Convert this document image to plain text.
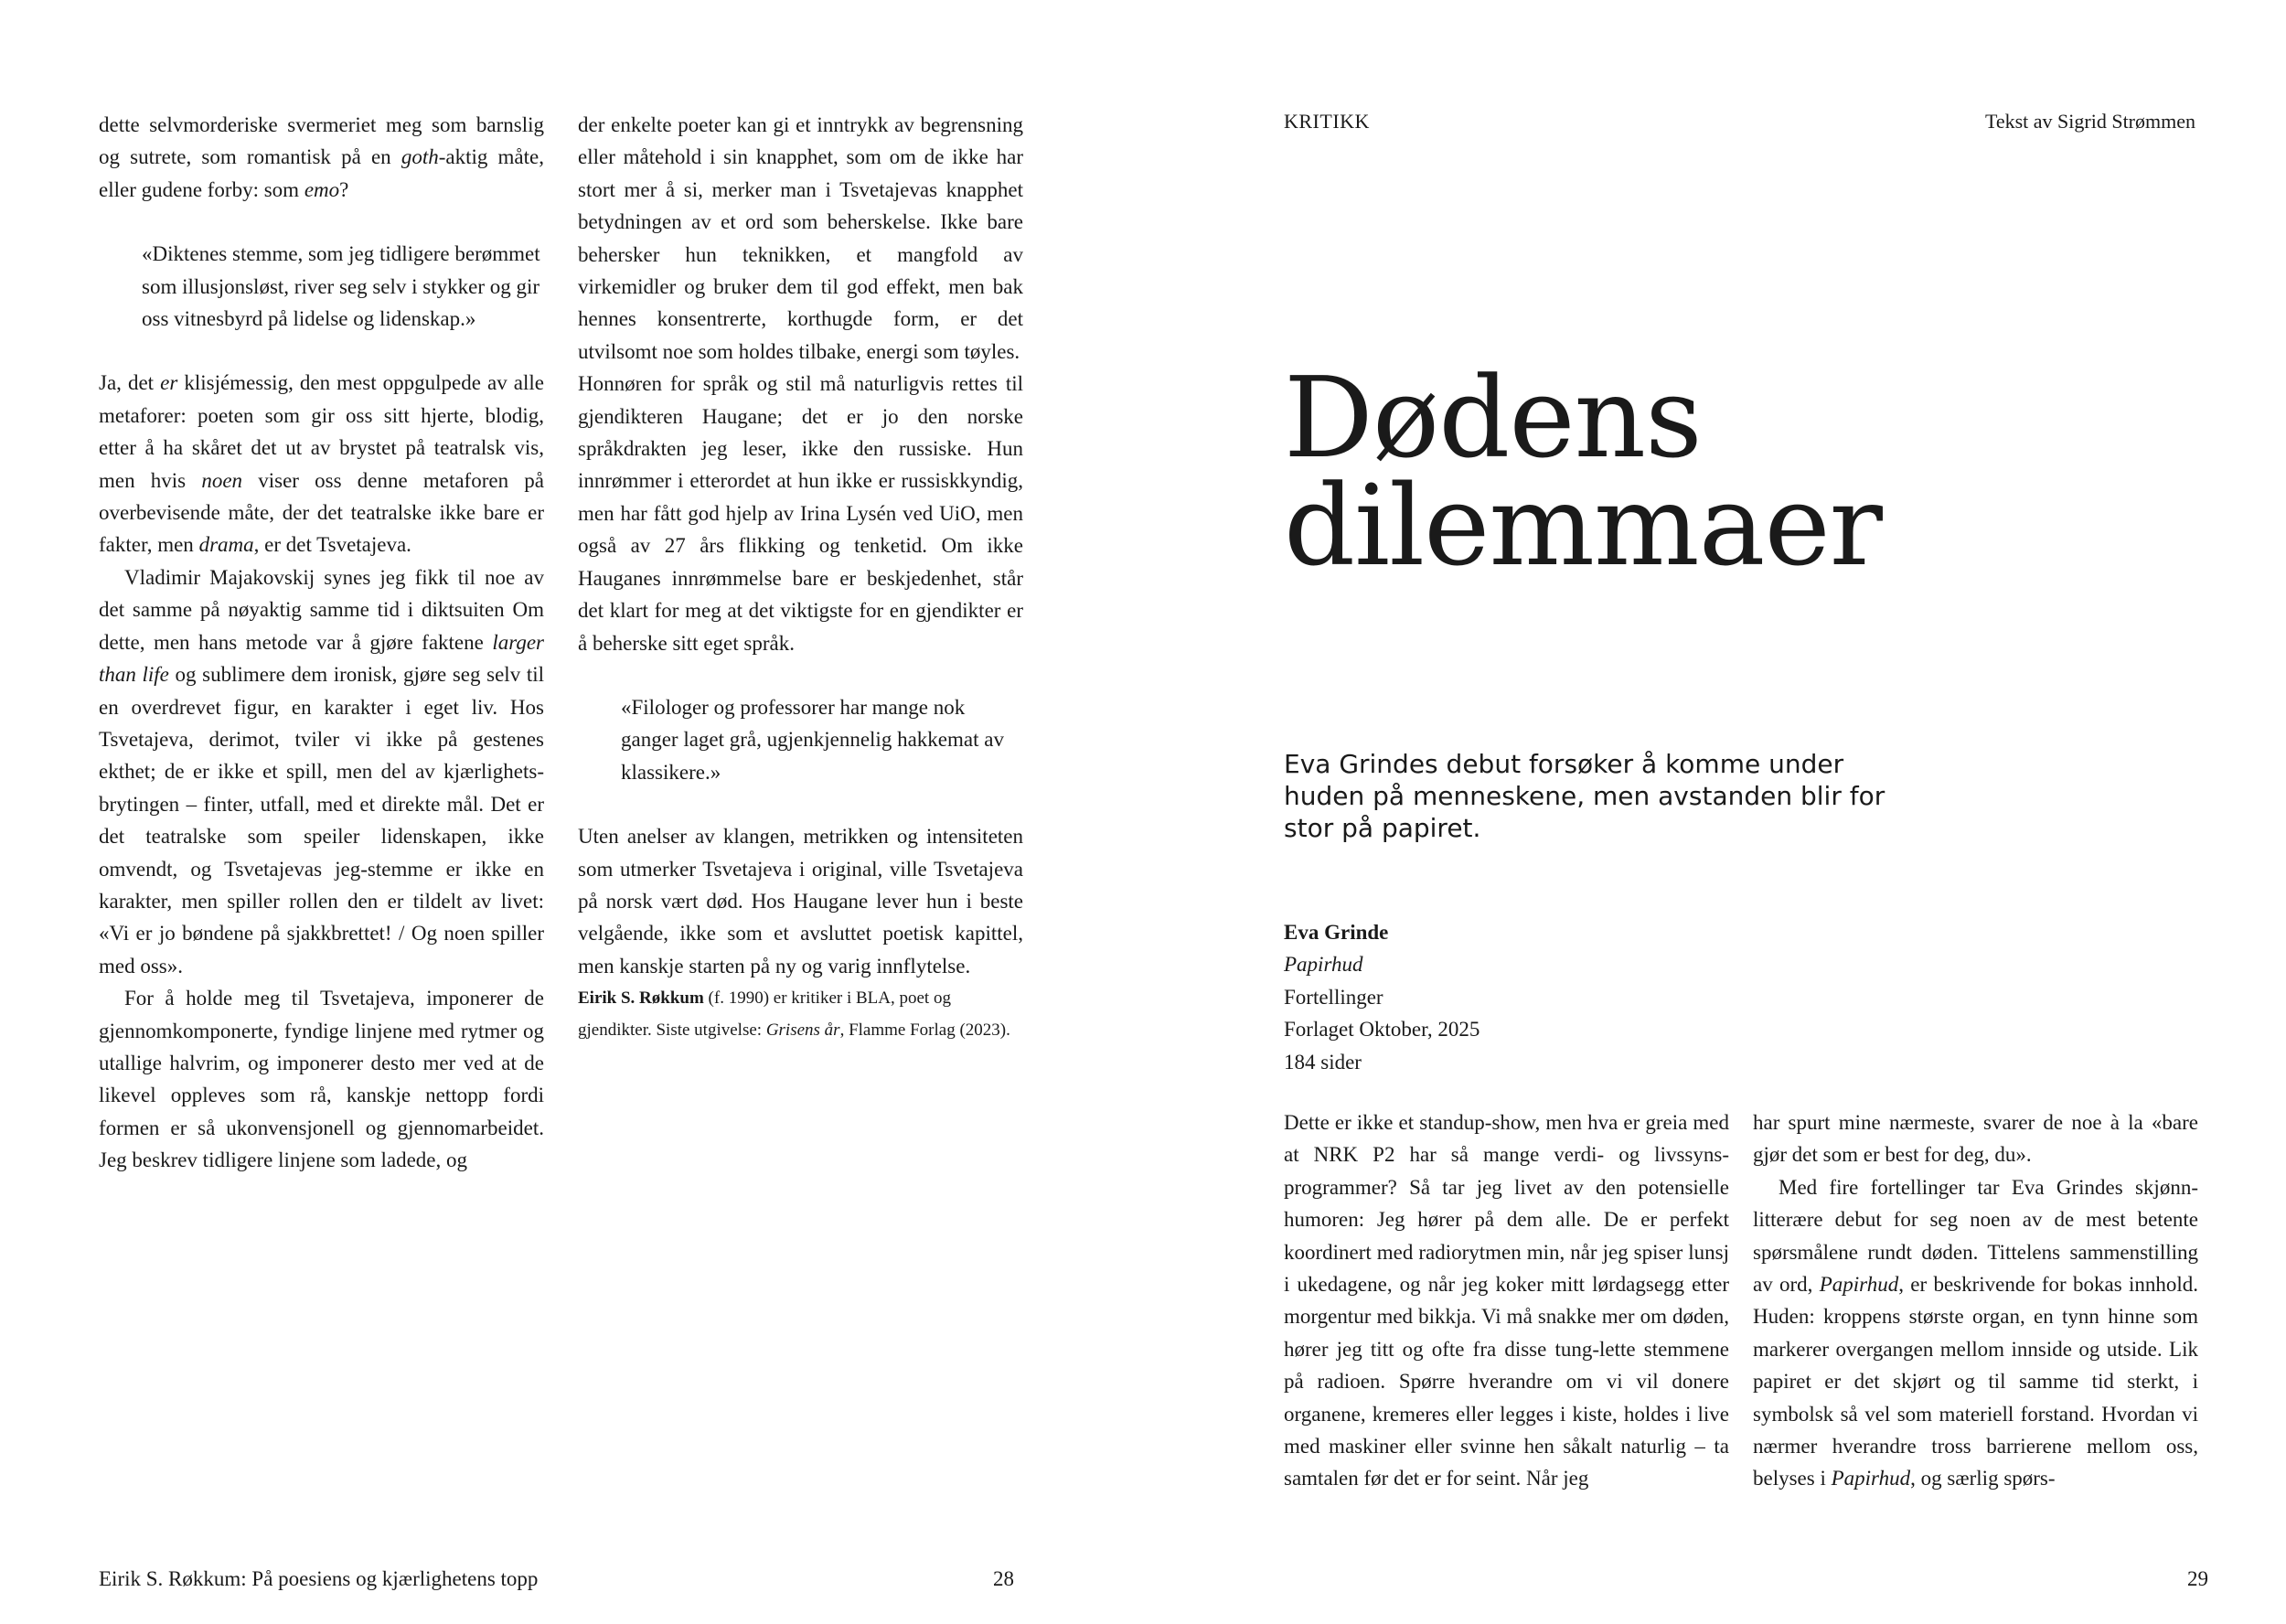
dette selvmorderiske svermeriet meg som barnslig og sutrete, som romantisk på en goth-aktig måte, eller gudene forby: som emo?

«Diktenes stemme, som jeg tidligere berømmet som illusjonsløst, river seg selv i stykker og gir oss vitnesbyrd på lidelse og lidenskap.»

Ja, det er klisjémessig, den mest oppgulpede av alle metaforer: poeten som gir oss sitt hjerte, blodig, etter å ha skåret det ut av brystet på teatralsk vis, men hvis noen viser oss denne metaforen på overbevisende måte, der det teatralske ikke bare er fakter, men drama, er det Tsvetajeva.

Vladimir Majakovskij synes jeg fikk til noe av det samme på nøyaktig samme tid i diktsuiten Om dette, men hans metode var å gjøre faktene larger than life og sublimere dem ironisk, gjøre seg selv til en overdrevet figur, en karakter i eget liv. Hos Tsvetajeva, derimot, tviler vi ikke på gestenes ekthet; de er ikke et spill, men del av kjærlighetsbrytingen – finter, utfall, med et direkte mål. Det er det teatralske som speiler lidenskapen, ikke omvendt, og Tsvetajevas jeg-stemme er ikke en karakter, men spiller rollen den er tildelt av livet: «Vi er jo bøndene på sjakkbrettet! / Og noen spiller med oss».

For å holde meg til Tsvetajeva, imponerer de gjennomkomponerte, fyndige linjene med rytmer og utallige halvrim, og imponerer desto mer ved at de likevel oppleves som rå, kanskje nettopp fordi formen er så ukonvensjonell og gjennomarbeidet. Jeg beskrev tidligere linjene som ladede, og

der enkelte poeter kan gi et inntrykk av begrensning eller måtehold i sin knapphet, som om de ikke har stort mer å si, merker man i Tsvetajevas knapphet betydningen av et ord som beherskelse. Ikke bare behersker hun teknikken, et mangfold av virkemidler og bruker dem til god effekt, men bak hennes konsentrerte, korthugde form, er det utvilsomt noe som holdes tilbake, energi som tøyles.

Honnøren for språk og stil må naturligvis rettes til gjendikteren Haugane; det er jo den norske språkdrakten jeg leser, ikke den russiske. Hun innrømmer i etterordet at hun ikke er russiskkyndig, men har fått god hjelp av Irina Lysén ved UiO, men også av 27 års flikking og tenketid. Om ikke Hauganes innrømmelse bare er beskjedenhet, står det klart for meg at det viktigste for en gjendikter er å beherske sitt eget språk.

«Filologer og professorer har mange nok ganger laget grå, ugjenkjennelig hakkemat av klassikere.»

Uten anelser av klangen, metrikken og intensiteten som utmerker Tsvetajeva i original, ville Tsvetajeva på norsk vært død. Hos Haugane lever hun i beste velgående, ikke som et avsluttet poetisk kapittel, men kanskje starten på ny og varig innflytelse.

Eirik S. Røkkum (f. 1990) er kritiker i BLA, poet og gjendikter. Siste utgivelse: Grisens år, Flamme Forlag (2023).

Eirik S. Røkkum: På poesiens og kjærlighetens topp	28
KRITIKK	Tekst av Sigrid Strømmen
Dødens
dilemmaer

Eva Grindes debut forsøker å komme under huden på menneskene, men avstanden blir for stor på papiret.

Eva Grinde
Papirhud
Fortellinger
Forlaget Oktober, 2025
184 sider

Dette er ikke et standup-show, men hva er greia med at NRK P2 har så mange verdi- og livssynsprogrammer? Så tar jeg livet av den potensielle humoren: Jeg hører på dem alle. De er perfekt koordinert med radiorytmen min, når jeg spiser lunsj i ukedagene, og når jeg koker mitt lørdagsegg etter morgentur med bikkja. Vi må snakke mer om døden, hører jeg titt og ofte fra disse tung-lette stemmene på radioen. Spørre hverandre om vi vil donere organene, kremeres eller legges i kiste, holdes i live med maskiner eller svinne hen såkalt naturlig – ta samtalen før det er for seint. Når jeg

har spurt mine nærmeste, svarer de noe à la «bare gjør det som er best for deg, du».

Med fire fortellinger tar Eva Grindes skjønnlitterære debut for seg noen av de mest betente spørsmålene rundt døden. Tittelens sammenstilling av ord, Papirhud, er beskrivende for bokas innhold. Huden: kroppens største organ, en tynn hinne som markerer overgangen mellom innside og utside. Lik papiret er det skjørt og til samme tid sterkt, i symbolsk så vel som materiell forstand. Hvordan vi nærmer hverandre tross barrierene mellom oss, belyses i Papirhud, og særlig spørs-

29
